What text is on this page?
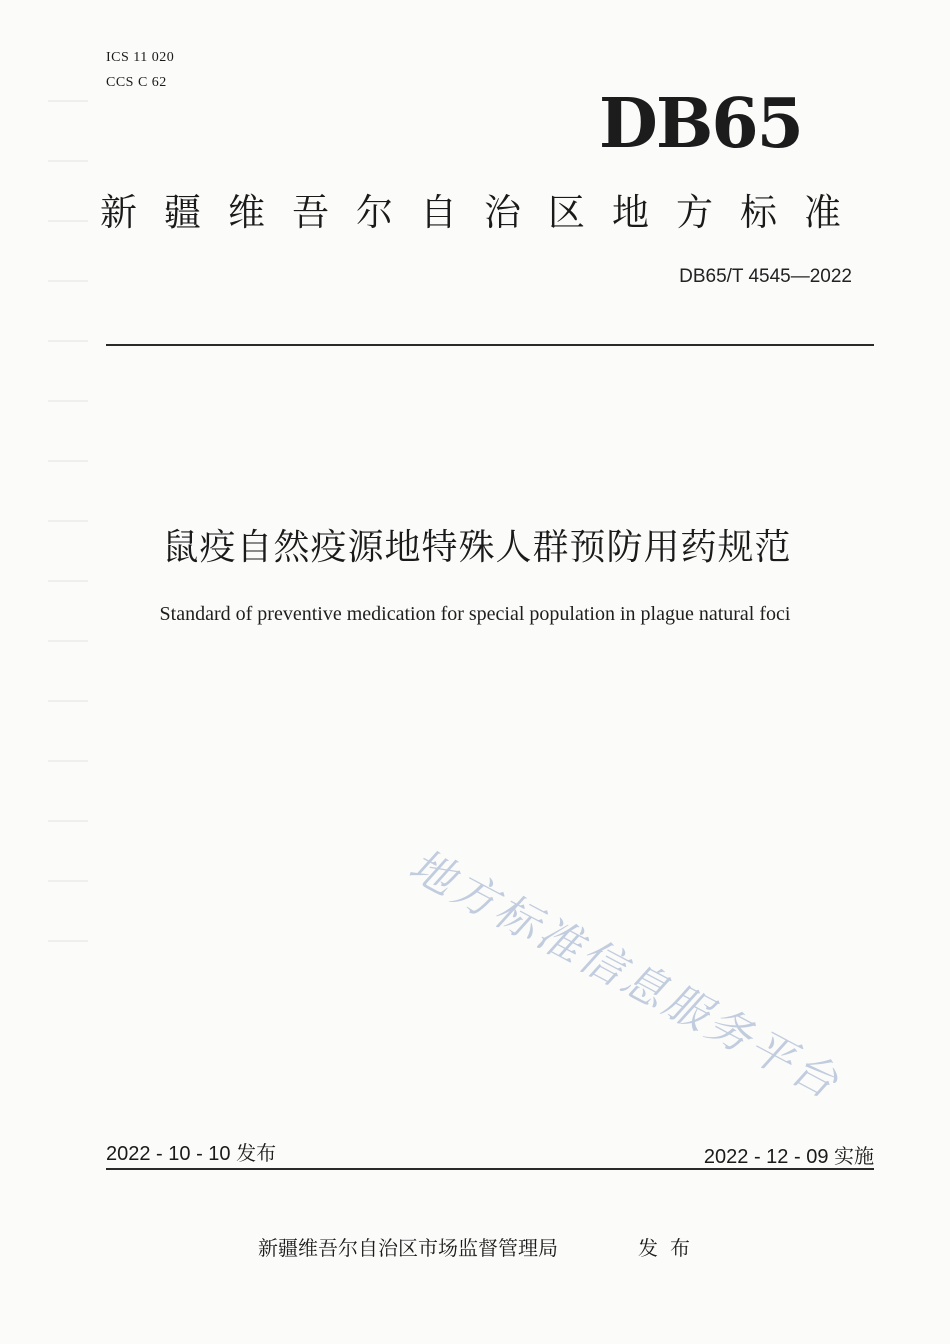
ICS 11 020
CCS C 62
DB65
新疆维吾尔自治区地方标准
DB65/T 4545—2022
鼠疫自然疫源地特殊人群预防用药规范
Standard of preventive medication for special population in plague natural foci
地方标准信息服务平台
2022 - 10 - 10 发布	2022 - 12 - 09 实施
新疆维吾尔自治区市场监督管理局	发布
